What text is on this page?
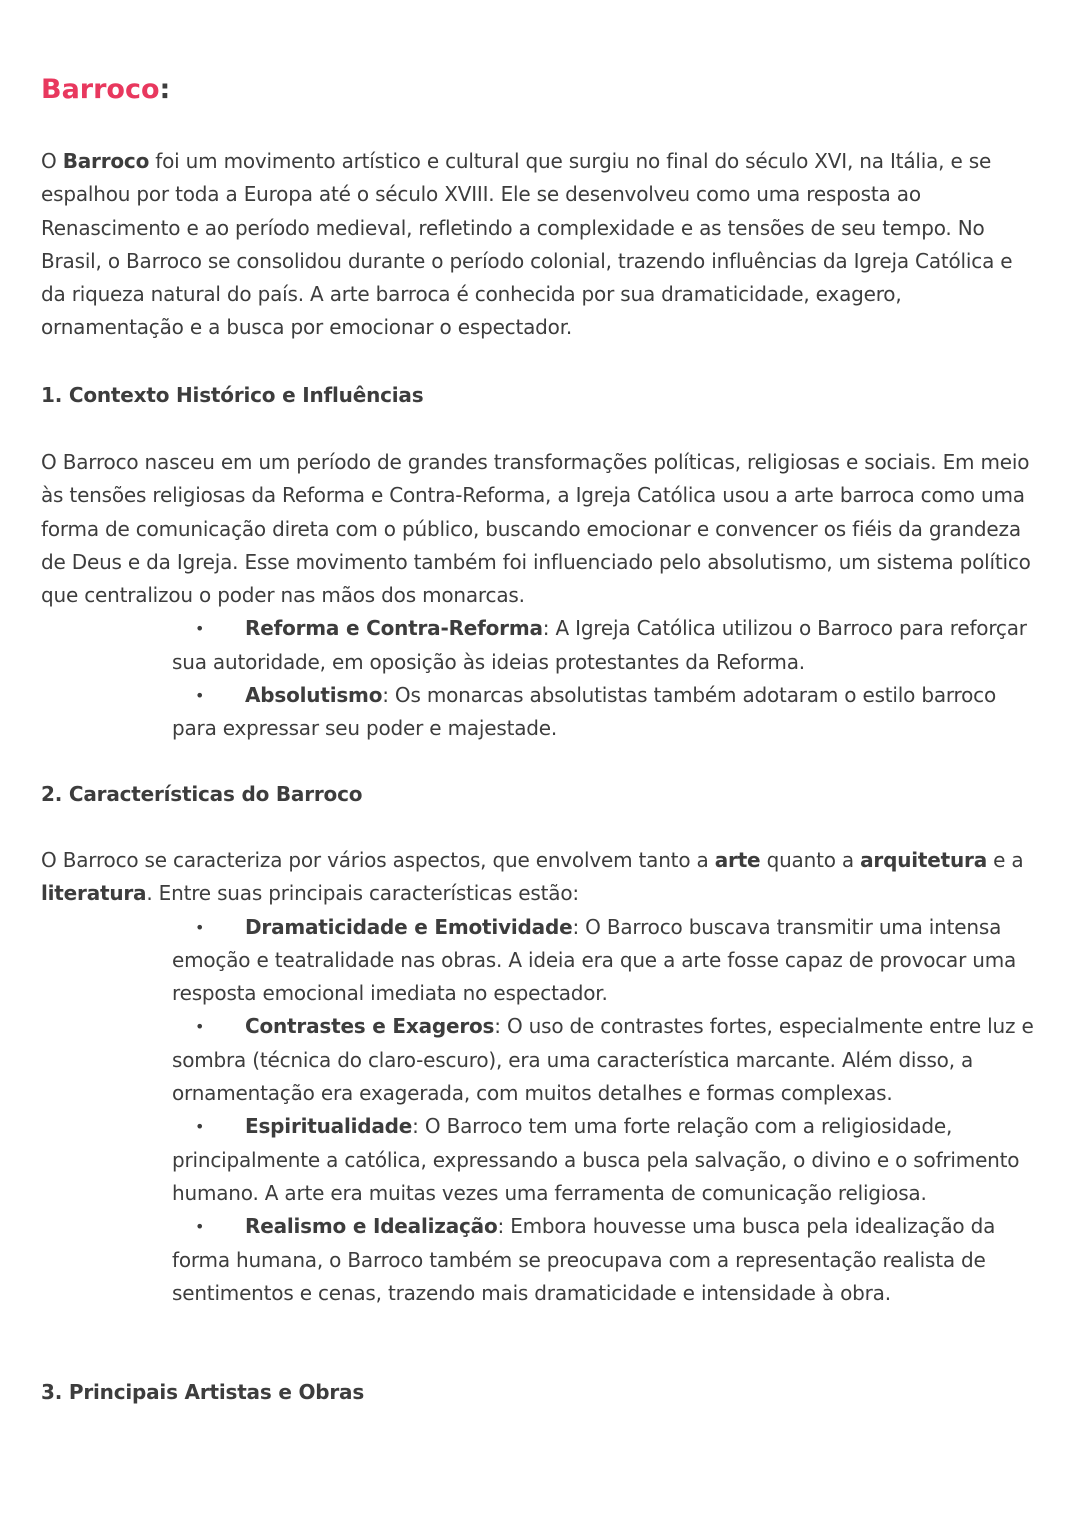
Barroco:

O Barroco foi um movimento artístico e cultural que surgiu no final do século XVI, na Itália, e se espalhou por toda a Europa até o século XVIII. Ele se desenvolveu como uma resposta ao Renascimento e ao período medieval, refletindo a complexidade e as tensões de seu tempo. No Brasil, o Barroco se consolidou durante o período colonial, trazendo influências da Igreja Católica e da riqueza natural do país. A arte barroca é conhecida por sua dramaticidade, exagero, ornamentação e a busca por emocionar o espectador.

1. Contexto Histórico e Influências

O Barroco nasceu em um período de grandes transformações políticas, religiosas e sociais. Em meio às tensões religiosas da Reforma e Contra-Reforma, a Igreja Católica usou a arte barroca como uma forma de comunicação direta com o público, buscando emocionar e convencer os fiéis da grandeza de Deus e da Igreja. Esse movimento também foi influenciado pelo absolutismo, um sistema político que centralizou o poder nas mãos dos monarcas.

• Reforma e Contra-Reforma: A Igreja Católica utilizou o Barroco para reforçar sua autoridade, em oposição às ideias protestantes da Reforma.
• Absolutismo: Os monarcas absolutistas também adotaram o estilo barroco para expressar seu poder e majestade.
2. Características do Barroco

O Barroco se caracteriza por vários aspectos, que envolvem tanto a arte quanto a arquitetura e a literatura. Entre suas principais características estão:

• Dramaticidade e Emotividade: O Barroco buscava transmitir uma intensa emoção e teatralidade nas obras. A ideia era que a arte fosse capaz de provocar uma resposta emocional imediata no espectador.
• Contrastes e Exageros: O uso de contrastes fortes, especialmente entre luz e sombra (técnica do claro-escuro), era uma característica marcante. Além disso, a ornamentação era exagerada, com muitos detalhes e formas complexas.
• Espiritualidade: O Barroco tem uma forte relação com a religiosidade, principalmente a católica, expressando a busca pela salvação, o divino e o sofrimento humano. A arte era muitas vezes uma ferramenta de comunicação religiosa.
• Realismo e Idealização: Embora houvesse uma busca pela idealização da forma humana, o Barroco também se preocupava com a representação realista de sentimentos e cenas, trazendo mais dramaticidade e intensidade à obra.
3. Principais Artistas e Obras
